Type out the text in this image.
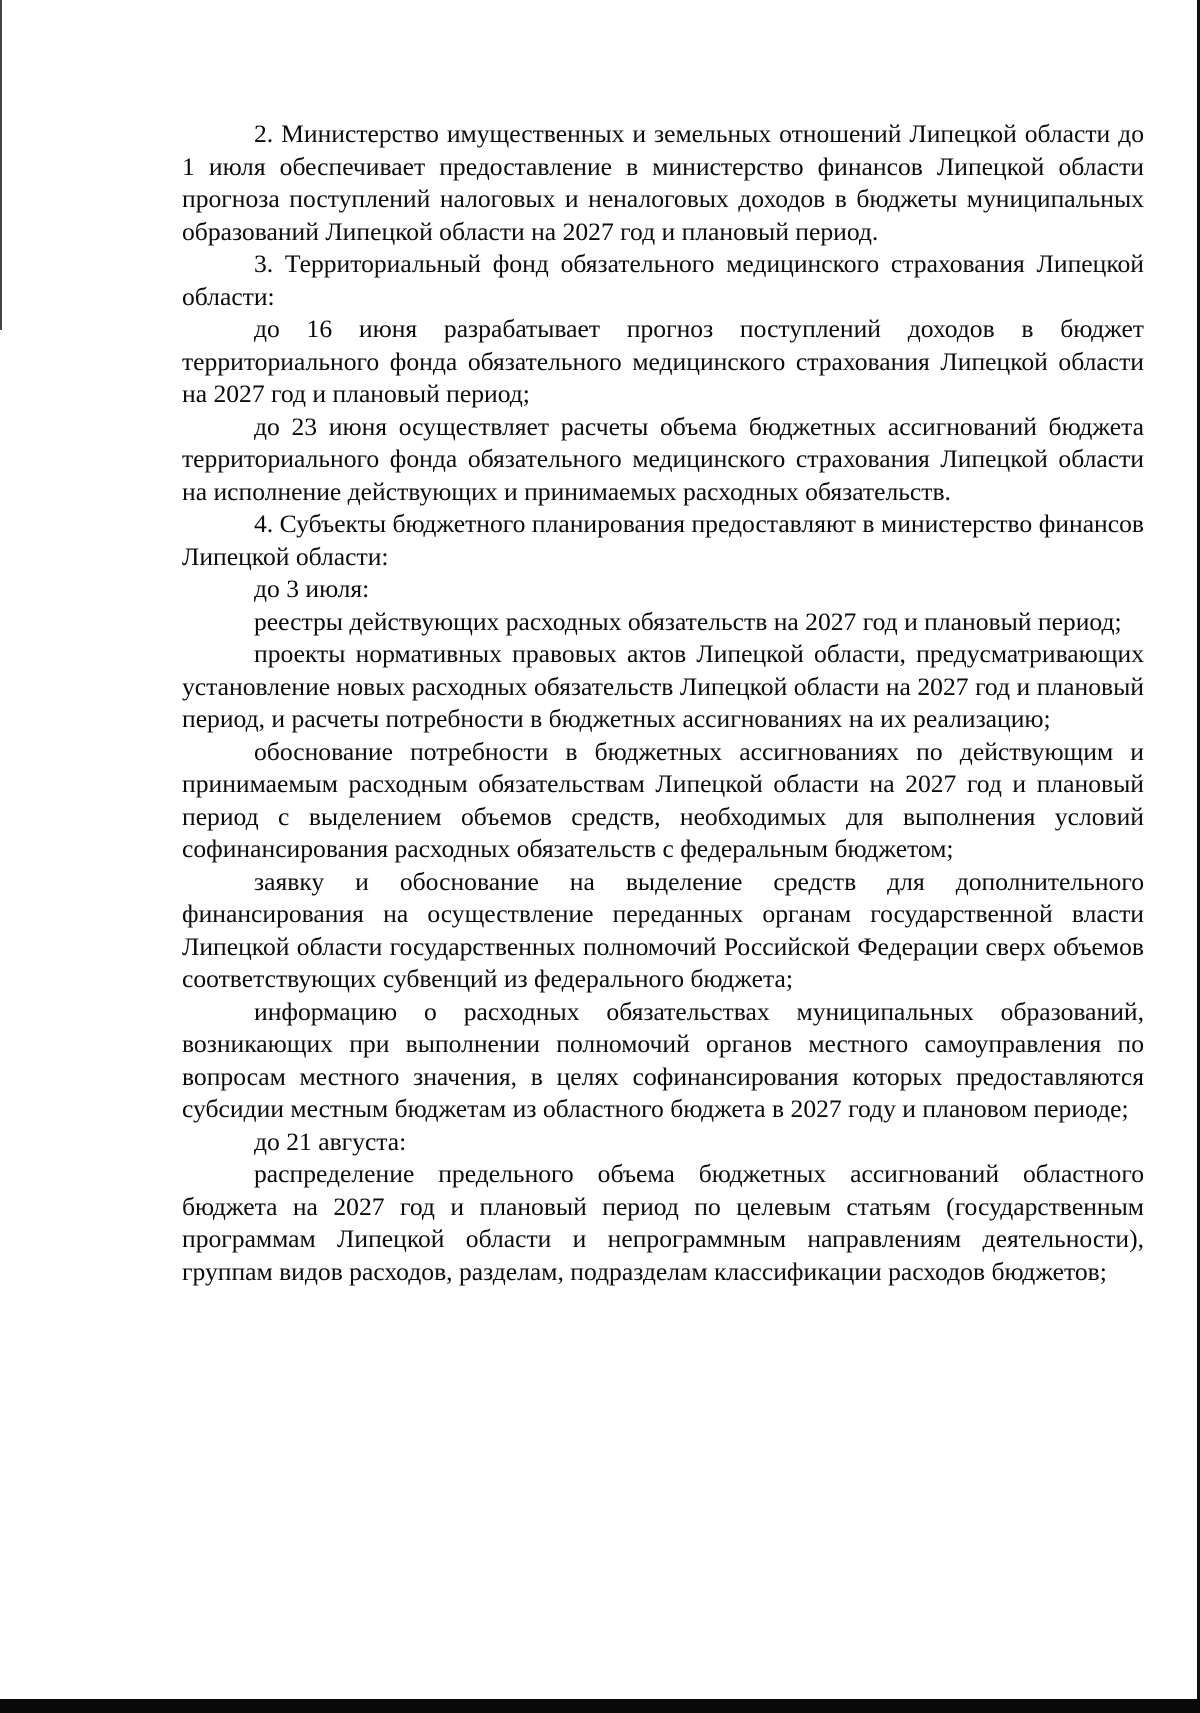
2. Министерство имущественных и земельных отношений Липецкой области до 1 июля обеспечивает предоставление в министерство финансов Липецкой области прогноза поступлений налоговых и неналоговых доходов в бюджеты муниципальных образований Липецкой области на 2027 год и плановый период.

3. Территориальный фонд обязательного медицинского страхования Липецкой области:

до 16 июня разрабатывает прогноз поступлений доходов в бюджет территориального фонда обязательного медицинского страхования Липецкой области на 2027 год и плановый период;

до 23 июня осуществляет расчеты объема бюджетных ассигнований бюджета территориального фонда обязательного медицинского страхования Липецкой области на исполнение действующих и принимаемых расходных обязательств.

4. Субъекты бюджетного планирования предоставляют в министерство финансов Липецкой области:

до 3 июля:

реестры действующих расходных обязательств на 2027 год и плановый период;

проекты нормативных правовых актов Липецкой области, предусматривающих установление новых расходных обязательств Липецкой области на 2027 год и плановый период, и расчеты потребности в бюджетных ассигнованиях на их реализацию;

обоснование потребности в бюджетных ассигнованиях по действующим и принимаемым расходным обязательствам Липецкой области на 2027 год и плановый период с выделением объемов средств, необходимых для выполнения условий софинансирования расходных обязательств с федеральным бюджетом;

заявку и обоснование на выделение средств для дополнительного финансирования на осуществление переданных органам государственной власти Липецкой области государственных полномочий Российской Федерации сверх объемов соответствующих субвенций из федерального бюджета;

информацию о расходных обязательствах муниципальных образований, возникающих при выполнении полномочий органов местного самоуправления по вопросам местного значения, в целях софинансирования которых предоставляются субсидии местным бюджетам из областного бюджета в 2027 году и плановом периоде;

до 21 августа:

распределение предельного объема бюджетных ассигнований областного бюджета на 2027 год и плановый период по целевым статьям (государственным программам Липецкой области и непрограммным направлениям деятельности), группам видов расходов, разделам, подразделам классификации расходов бюджетов;
